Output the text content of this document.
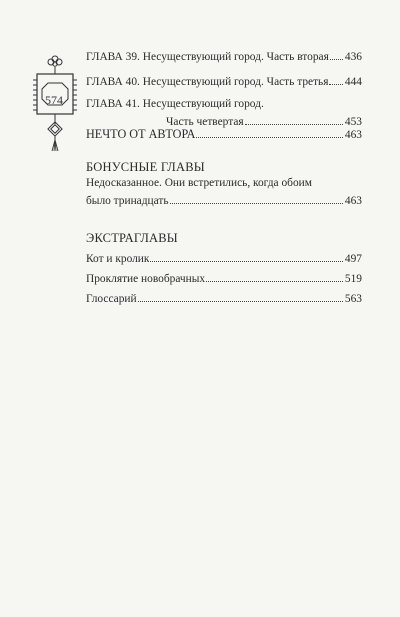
574
ГЛАВА 39. Несуществующий город. Часть вторая 436
ГЛАВА 40. Несуществующий город. Часть третья 444
ГЛАВА 41. Несуществующий город.
Часть четвертая	453
НЕЧТО ОТ АВТОРА	463
БОНУСНЫЕ ГЛАВЫ
Недосказанное. Они встретились, когда обоим
было тринадцать	463
ЭКСТРАГЛАВЫ
Кот и кролик	497
Проклятие новобрачных	519
Глоссарий	563
